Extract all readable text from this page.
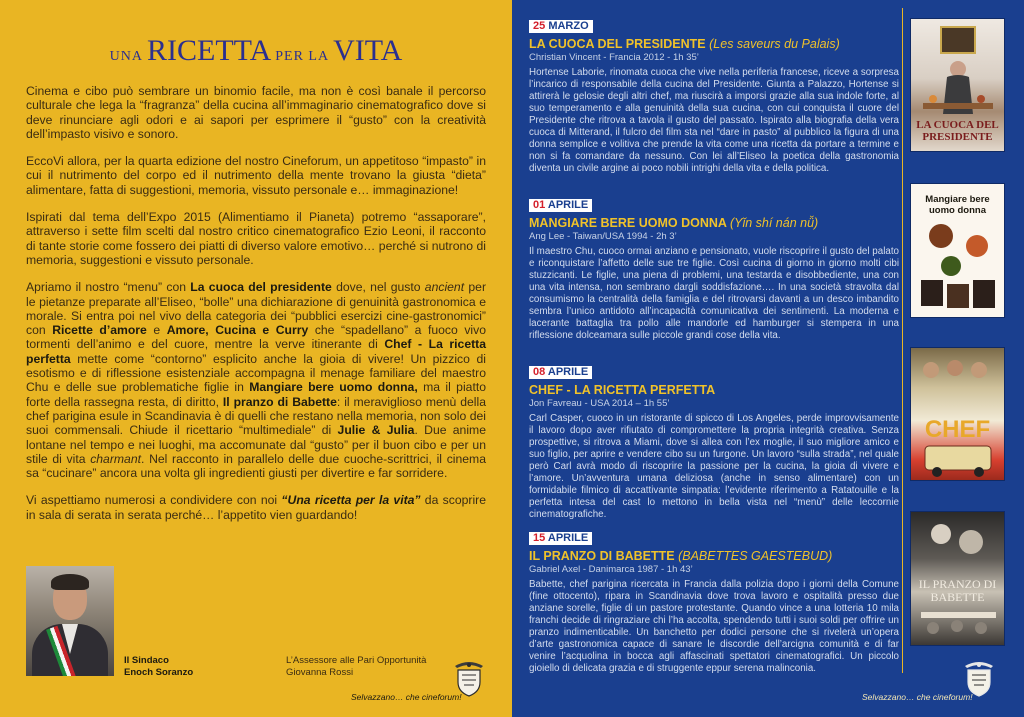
UNA RICETTA PER LA VITA

Cinema e cibo può sembrare un binomio facile, ma non è così banale il percorso culturale che lega la “fragranza” della cucina all’immaginario cinematografico dove si deve rinunciare agli odori e ai sapori per esprimere il “gusto” con la creatività dell’impasto visivo e sonoro.

EccoVi allora, per la quarta edizione del nostro Cineforum, un appetitoso “impasto” in cui il nutrimento del corpo ed il nutrimento della mente trovano la giusta “dieta” alimentare, fatta di suggestioni, memoria, vissuto personale e… immaginazione!

Ispirati dal tema dell’Expo 2015 (Alimentiamo il Pianeta) potremo “assaporare”, attraverso i sette film scelti dal nostro critico cinematografico Ezio Leoni, il racconto di tante storie come fossero dei piatti di diverso valore emotivo… perché si nutrono di memoria, suggestioni e vissuto personale.

Apriamo il nostro “menu” con La cuoca del presidente dove, nel gusto ancient per le pietanze preparate all’Eliseo, “bolle” una dichiarazione di genuinità gastronomica e morale. Si entra poi nel vivo della categoria dei “pubblici esercizi cine-gastronomici” con Ricette d’amore e Amore, Cucina e Curry che “spadellano” a fuoco vivo tormenti dell’animo e del cuore, mentre la verve itinerante di Chef - La ricetta perfetta mette come “contorno” esplicito anche la gioia di vivere! Un pizzico di esotismo e di riflessione esistenziale accompagna il menage familiare del maestro Chu e delle sue problematiche figlie in Mangiare bere uomo donna, ma il piatto forte della rassegna resta, di diritto, Il pranzo di Babette: il meraviglioso menù della chef parigina esule in Scandinavia è di quelli che restano nella memoria, non solo dei suoi commensali. Chiude il ricettario “multimediale” di Julie & Julia. Due anime lontane nel tempo e nei luoghi, ma accomunate dal “gusto” per il buon cibo e per un stile di vita charmant. Nel racconto in parallelo delle due cuoche-scrittrici, il cinema sa “cucinare” ancora una volta gli ingredienti giusti per divertire e far sorridere.

Vi aspettiamo numerosi a condividere con noi “Una ricetta per la vita” da scoprire in sala di serata in serata perché… l’appetito vien guardando!

Il Sindaco
Enoch Soranzo
L’Assessore alle Pari Opportunità
Giovanna Rossi
Selvazzano… che cineforum!
25 MARZO
LA CUOCA DEL PRESIDENTE (Les saveurs du Palais)
Christian Vincent - Francia 2012 - 1h 35’
Hortense Laborie, rinomata cuoca che vive nella periferia francese, riceve a sorpresa l’incarico di responsabile della cucina del Presidente. Giunta a Palazzo, Hortense si attirerà le gelosie degli altri chef, ma riuscirà a imporsi grazie alla sua indole forte, al suo temperamento e alla genuinità della sua cucina, con cui conquista il cuore del Presidente che ritrova a tavola il gusto del passato. Ispirato alla biografia della vera cuoca di Mitterand, il fulcro del film sta nel “dare in pasto” al pubblico la figura di una donna semplice e volitiva che prende la vita come una ricetta da portare a termine e non si fa comandare da nessuno. Con lei all’Eliseo la poetica della gastronomia diventa un civile argine ai poco nobili intrighi della vita e della politica.
01 APRILE
MANGIARE BERE UOMO DONNA (Yǐn shí nán nǚ)
Ang Lee - Taiwan/USA 1994 - 2h 3’
Il maestro Chu, cuoco ormai anziano e pensionato, vuole riscoprire il gusto del palato e riconquistare l’affetto delle sue tre figlie. Così cucina di giorno in giorno molti cibi stuzzicanti. Le figlie, una piena di problemi, una testarda e disobbediente, una con una vita intensa, non sembrano dargli soddisfazione…. In una società stravolta dal consumismo la centralità della famiglia e del ritrovarsi davanti a un desco imbandito sembra l’unico antidoto all’incapacità comunicativa dei sentimenti. La moderna e lacerante battaglia tra pollo alle mandorle ed hamburger si stempera in una riflessione dolceamara sulle piccole grandi cose della vita.
08 APRILE
CHEF - LA RICETTA PERFETTA
Jon Favreau - USA 2014 – 1h 55’
Carl Casper, cuoco in un ristorante di spicco di Los Angeles, perde improvvisamente il lavoro dopo aver rifiutato di compromettere la propria integrità creativa. Senza prospettive, si ritrova a Miami, dove si allea con l’ex moglie, il suo migliore amico e suo figlio, per aprire e vendere cibo su un furgone. Un lavoro “sulla strada”, nel quale però Carl avrà modo di riscoprire la passione per la cucina, la gioia di vivere e l’amore. Un’avventura umana deliziosa (anche in senso alimentare) con un formidabile filmico di accattivante simpatia: l’evidente riferimento a Ratatouille e la perfetta intesa del cast lo mettono in bella vista nel “menù” delle leccornie cinematografiche.
15 APRILE
IL PRANZO DI BABETTE (BABETTES GAESTEBUD)
Gabriel Axel - Danimarca 1987 - 1h 43’
Babette, chef parigina ricercata in Francia dalla polizia dopo i giorni della Comune (fine ottocento), ripara in Scandinavia dove trova lavoro e ospitalità presso due anziane sorelle, figlie di un pastore protestante. Quando vince a una lotteria 10 mila franchi decide di ringraziare chi l’ha accolta, spendendo tutti i suoi soldi per offrire un pranzo indimenticabile. Un banchetto per dodici persone che si rivelerà un’opera d’arte gastronomica capace di sanare le discordie dell’arcigna comunità e di far venire l’acquolina in bocca agli affascinati spettatori cinematografici. Un piccolo gioiello di delicata grazia e di struggente eppur serena malinconia.
LA CUOCA DEL PRESIDENTE
Mangiare bere uomo donna
CHEF
IL PRANZO DI BABETTE
Selvazzano… che cineforum!
